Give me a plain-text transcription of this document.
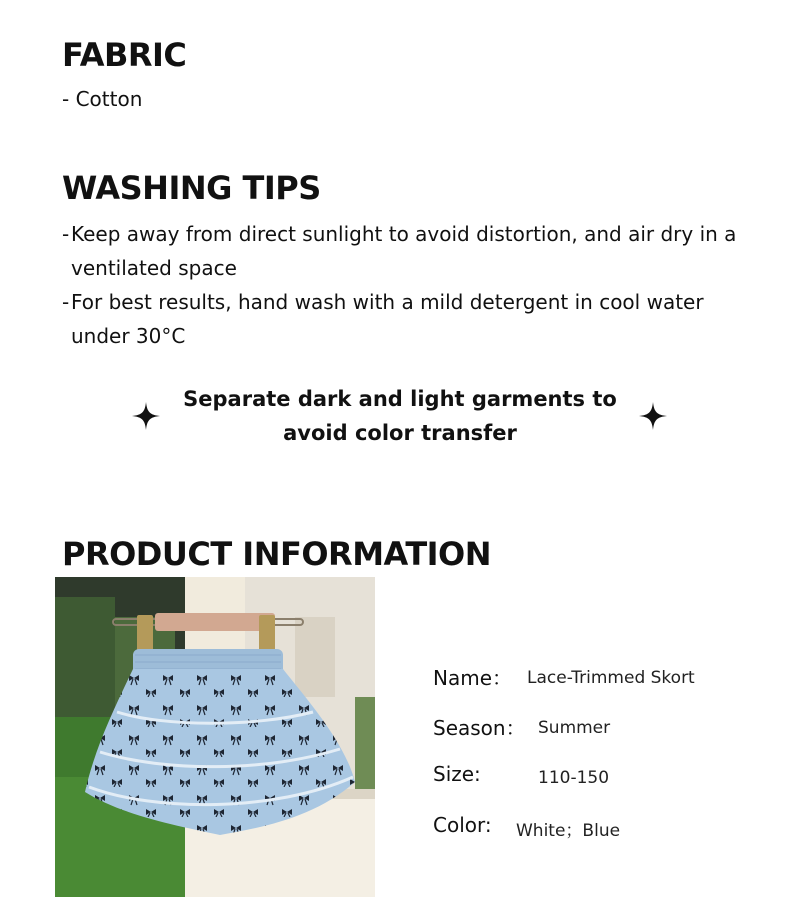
FABRIC
- Cotton
WASHING TIPS
- Keep away from direct sunlight to avoid distortion, and air dry in a ventilated space
- For best results, hand wash with a mild detergent in cool water under 30°C
Separate dark and light garments to
avoid color transfer
PRODUCT INFORMATION
Name： Lace-Trimmed Skort
Season： Summer
Size:	110-150
Color: White；Blue
